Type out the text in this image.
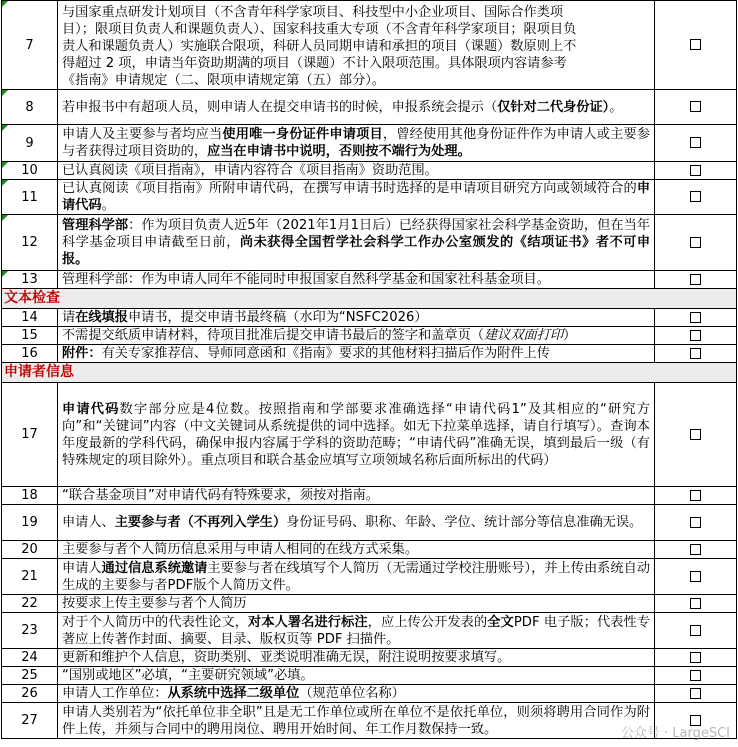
7	与国家重点研发计划项目（不含青年科学家项目、科技型中小企业项目、国际合作类项
目）；限项目负责人和课题负责人）、国家科技重大专项（不含青年科学家项目；限项目负
责人和课题负责人）实施联合限项，科研人员同期申请和承担的项目（课题）数原则上不
得超过 2 项，申请当年资助期满的项目（课题）不计入限项范围。具体限项内容请参考
《指南》申请规定（二、限项申请规定第（五）部分）。	

8	若申报书中有超项人员，则申请人在提交申请书的时候，申报系统会提示（仅针对二代身份证）。	

9	申请人及主要参与者均应当使用唯一身份证件申请项目，曾经使用其他身份证件作为申请人或主要参与者获得过项目资助的，应当在申请书中说明，否则按不端行为处理。	

10	已认真阅读《项目指南》，申请内容符合《项目指南》资助范围。	

11	已认真阅读《项目指南》所附申请代码，在撰写申请书时选择的是申请项目研究方向或领域符合的申请代码。	

12	管理科学部：作为项目负责人近5年（2021年1月1日后）已经获得国家社会科学基金资助，但在当年科学基金项目申请截至日前，尚未获得全国哲学社会科学工作办公室颁发的《结项证书》者不可申报。	

13	管理科学部：作为申请人同年不能同时申报国家自然科学基金和国家社科基金项目。	
文本检查		
14	请在线填报申请书，提交申请书最终稿（水印为“NSFC2026）	
15	不需提交纸质申请材料，待项目批准后提交申请书最后的签字和盖章页（建议双面打印）	
16	附件：有关专家推荐信、导师同意函和《指南》要求的其他材料扫描后作为附件上传	
申请者信息		
17	申请代码数字部分应是4位数。按照指南和学部要求准确选择“申请代码1”及其相应的“研究方向”和“关键词”内容（中文关键词从系统提供的词中选择。如无下拉菜单选择，请自行填写）。查询本年度最新的学科代码，确保申报内容属于学科的资助范畴；“申请代码”准确无误，填到最后一级（有特殊规定的项目除外）。重点项目和联合基金应填写立项领域名称后面所标出的代码）	
18	“联合基金项目”对申请代码有特殊要求，须按对指南。	
19	申请人、主要参与者（不再列入学生）身份证号码、职称、年龄、学位、统计部分等信息准确无误。	
20	主要参与者个人简历信息采用与申请人相同的在线方式采集。	
21	申请人通过信息系统邀请主要参与者在线填写个人简历（无需通过学校注册账号），并上传由系统自动生成的主要参与者PDF版个人简历文件。	
22	按要求上传主要参与者个人简历	
23	对于个人简历中的代表性论文，对本人署名进行标注，应上传公开发表的全文PDF 电子版；代表性专著应上传著作封面、摘要、目录、版权页等 PDF 扫描件。	
24	更新和维护个人信息，资助类别、亚类说明准确无误，附注说明按要求填写。	
25	“国别或地区”必填，“主要研究领域”必填。	
26	申请人工作单位：从系统中选择二级单位（规范单位名称）	
27	申请人类别若为“依托单位非全职”且是无工作单位或所在单位不是依托单位，则须将聘用合同作为附件上传，并须与合同中的聘用岗位、聘用开始时间、年工作月数保持一致。		公众号 · LargeSCI
